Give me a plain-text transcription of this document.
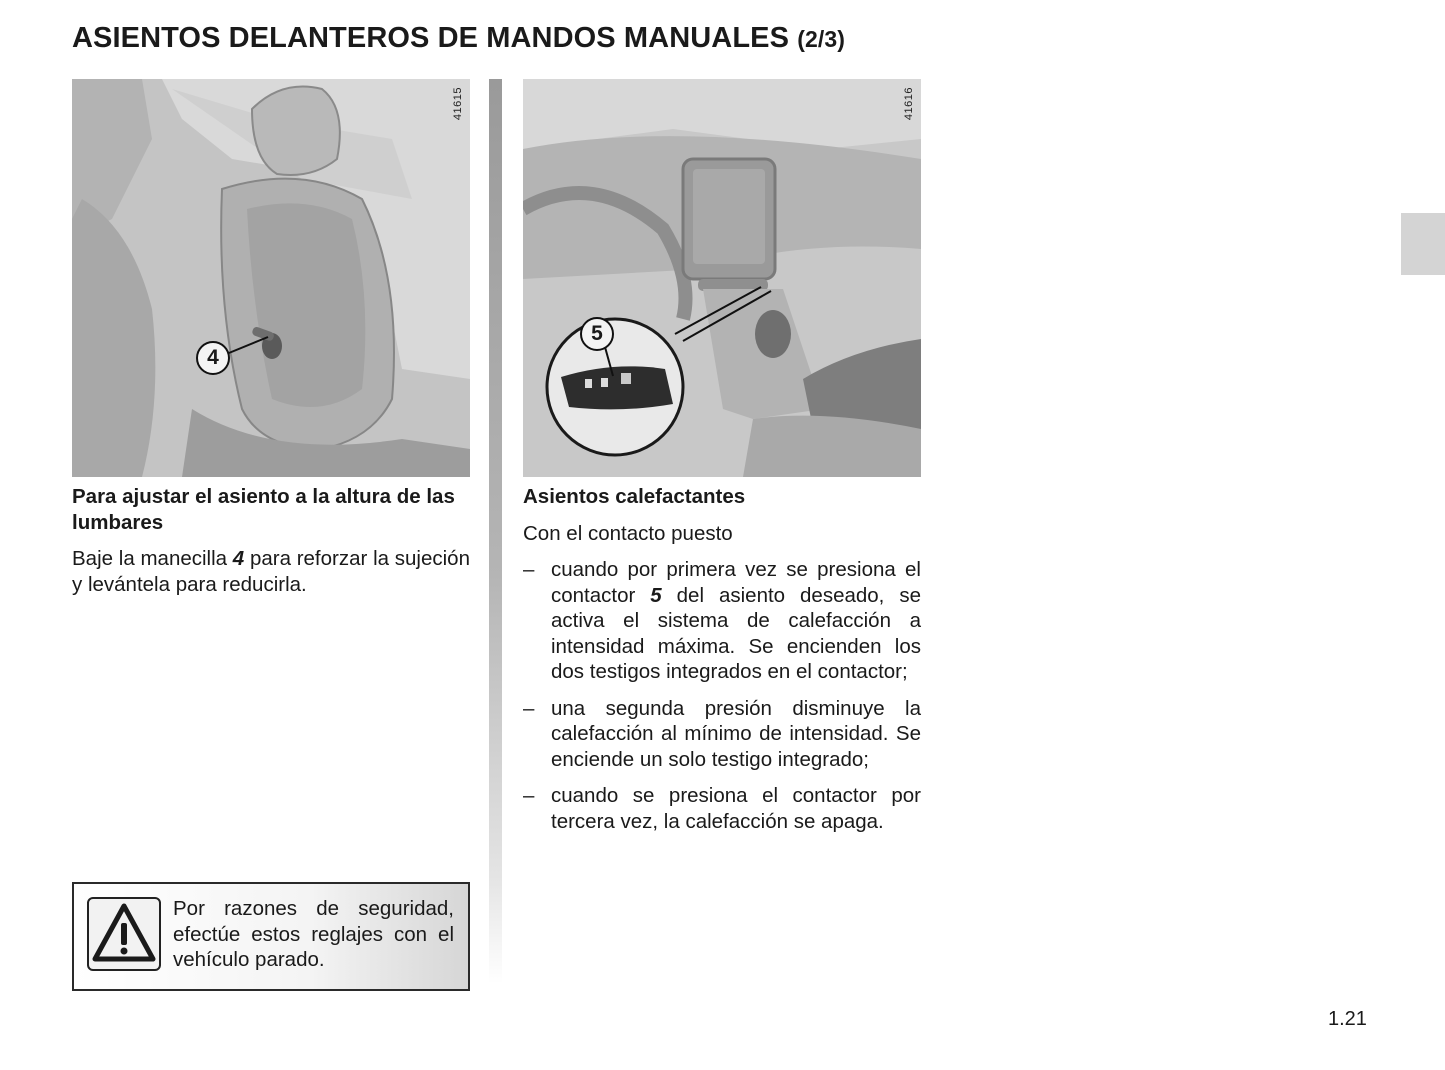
ASIENTOS DELANTEROS DE MANDOS MANUALES (2/3)
4
41615
5
41616

Para ajustar el asiento a la altura de las lumbares

Baje la manecilla 4 para reforzar la sujeción y levántela para reducirla.

Asientos calefactantes

Con el contacto puesto

– cuando por primera vez se presiona el contactor 5 del asiento deseado, se activa el sistema de calefacción a intensidad máxima. Se encienden los dos testigos integrados en el contactor;
– una segunda presión disminuye la calefacción al mínimo de intensidad. Se enciende un solo testigo integrado;
– cuando se presiona el contactor por tercera vez, la calefacción se apaga.

Por razones de seguridad, efectúe estos reglajes con el vehículo parado.

1.21
